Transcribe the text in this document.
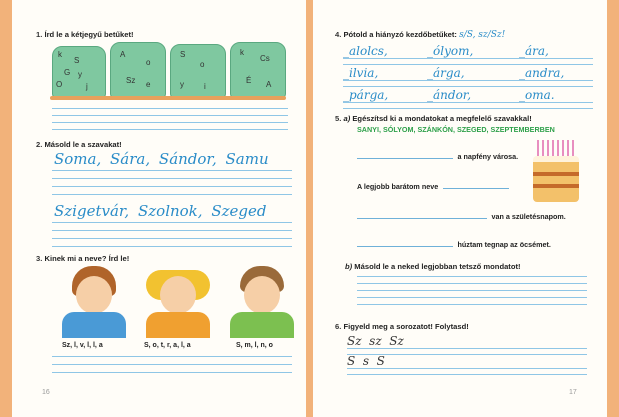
1. Írd le a kétjegyű betűket!
k
S
G y
O	j
A
o
Sz e
S
o
y	i
k
Cs
É A
2. Másold le a szavakat!
Soma, Sára, Sándor, Samu
Szigetvár, Szolnok, Szeged
3. Kinek mi a neve? Írd le!
Sz, l, v, l, l, a	S, o, t, r, a, l, a	S, m, l, n, o
16
4. Pótold a hiányzó kezdőbetűket: s/S, sz/Sz!
_alolcs,	_ólyom,	_ára,
_ilvia,	_árga,	_andra,
_párga,	_ándor,	_oma.
5. a) Egészítsd ki a mondatokat a megfelelő szavakkal!
SANYI, SÓLYOM, SZÁNKÓN, SZEGED, SZEPTEMBERBEN
a napfény városa.
A legjobb barátom neve
van a születésnapom.
húztam tegnap az öcsémet.
b) Másold le a neked legjobban tetsző mondatot!
6. Figyeld meg a sorozatot! Folytasd!
Sz  sz  Sz
S  s  S
17
